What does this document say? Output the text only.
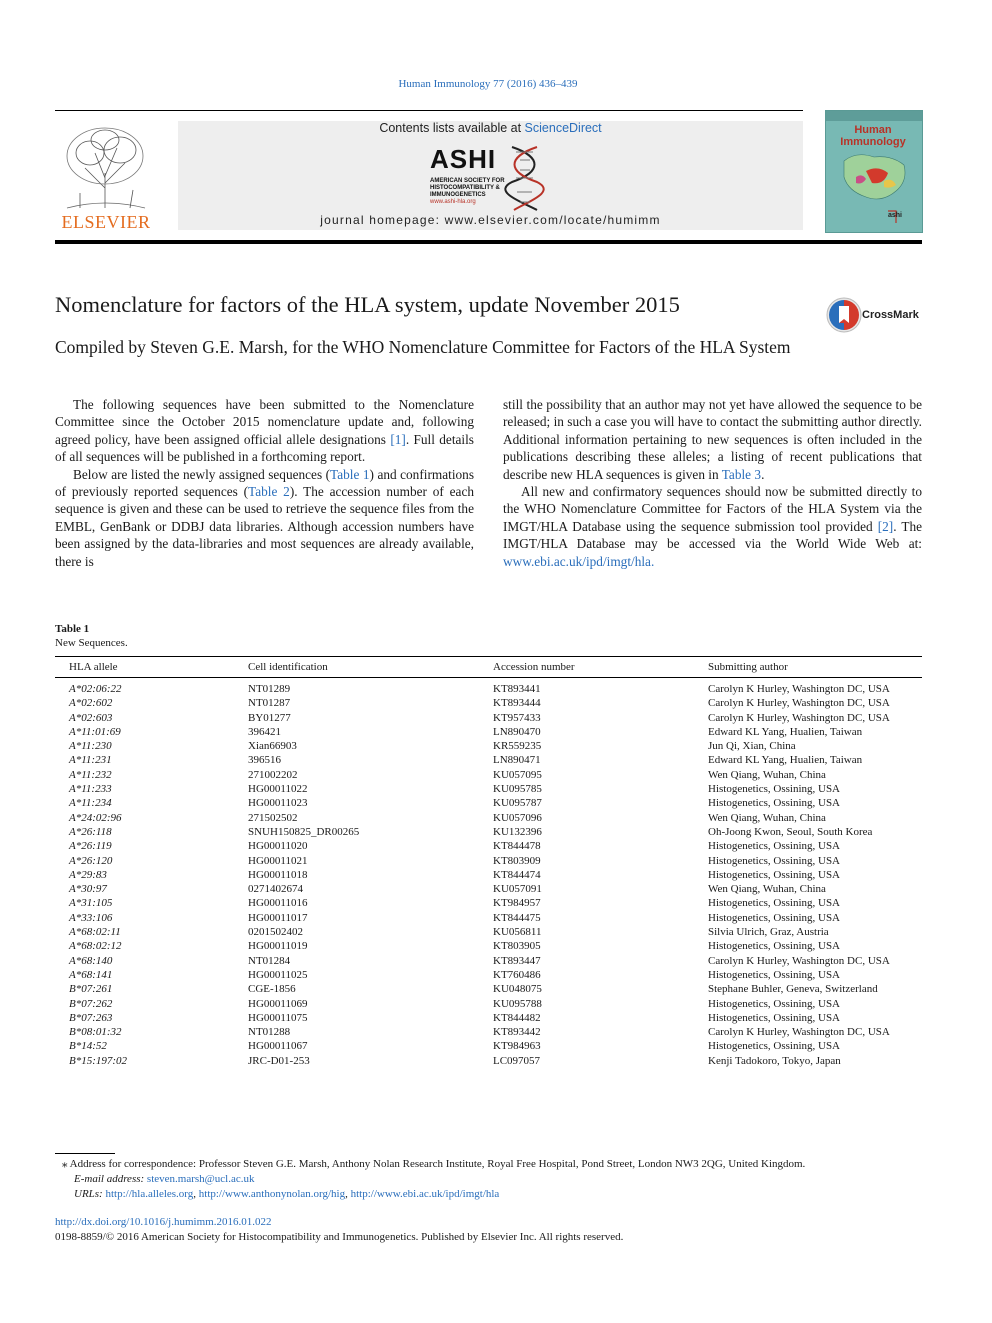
Human Immunology 77 (2016) 436–439
ELSEVIER
Contents lists available at ScienceDirect
ASHI
AMERICAN SOCIETY FOR
HISTOCOMPATIBILITY &
IMMUNOGENETICS
www.ashi-hla.org
journal homepage: www.elsevier.com/locate/humimm
Human
Immunology
ashi
Nomenclature for factors of the HLA system, update November 2015	CrossMark
Compiled by Steven G.E. Marsh, for the WHO Nomenclature Committee for Factors of the HLA System

The following sequences have been submitted to the Nomenclature Committee since the October 2015 nomenclature update and, following agreed policy, have been assigned official allele designations [1]. Full details of all sequences will be published in a forthcoming report.

Below are listed the newly assigned sequences (Table 1) and confirmations of previously reported sequences (Table 2). The accession number of each sequence is given and these can be used to retrieve the sequence files from the EMBL, GenBank or DDBJ data libraries. Although accession numbers have been assigned by the data-libraries and most sequences are already available, there is

still the possibility that an author may not yet have allowed the sequence to be released; in such a case you will have to contact the submitting author directly. Additional information pertaining to new sequences is often included in the publications describing these alleles; a listing of recent publications that describe new HLA sequences is given in Table 3.

All new and confirmatory sequences should now be submitted directly to the WHO Nomenclature Committee for Factors of the HLA System via the IMGT/HLA Database using the sequence submission tool provided [2]. The IMGT/HLA Database may be accessed via the World Wide Web at: www.ebi.ac.uk/ipd/imgt/hla.

Table 1
New Sequences.
HLA allele	Cell identification	Accession number	Submitting author
A*02:06:22	NT01289	KT893441	Carolyn K Hurley, Washington DC, USA
A*02:602	NT01287	KT893444	Carolyn K Hurley, Washington DC, USA
A*02:603	BY01277	KT957433	Carolyn K Hurley, Washington DC, USA
A*11:01:69	396421	LN890470	Edward KL Yang, Hualien, Taiwan
A*11:230	Xian66903	KR559235	Jun Qi, Xian, China
A*11:231	396516	LN890471	Edward KL Yang, Hualien, Taiwan
A*11:232	271002202	KU057095	Wen Qiang, Wuhan, China
A*11:233	HG00011022	KU095785	Histogenetics, Ossining, USA
A*11:234	HG00011023	KU095787	Histogenetics, Ossining, USA
A*24:02:96	271502502	KU057096	Wen Qiang, Wuhan, China
A*26:118	SNUH150825_DR00265	KU132396	Oh-Joong Kwon, Seoul, South Korea
A*26:119	HG00011020	KT844478	Histogenetics, Ossining, USA
A*26:120	HG00011021	KT803909	Histogenetics, Ossining, USA
A*29:83	HG00011018	KT844474	Histogenetics, Ossining, USA
A*30:97	0271402674	KU057091	Wen Qiang, Wuhan, China
A*31:105	HG00011016	KT984957	Histogenetics, Ossining, USA
A*33:106	HG00011017	KT844475	Histogenetics, Ossining, USA
A*68:02:11	0201502402	KU056811	Silvia Ulrich, Graz, Austria
A*68:02:12	HG00011019	KT803905	Histogenetics, Ossining, USA
A*68:140	NT01284	KT893447	Carolyn K Hurley, Washington DC, USA
A*68:141	HG00011025	KT760486	Histogenetics, Ossining, USA
B*07:261	CGE-1856	KU048075	Stephane Buhler, Geneva, Switzerland
B*07:262	HG00011069	KU095788	Histogenetics, Ossining, USA
B*07:263	HG00011075	KT844482	Histogenetics, Ossining, USA
B*08:01:32	NT01288	KT893442	Carolyn K Hurley, Washington DC, USA
B*14:52	HG00011067	KT984963	Histogenetics, Ossining, USA
B*15:197:02	JRC-D01-253	LC097057	Kenji Tadokoro, Tokyo, Japan
⁎ Address for correspondence: Professor Steven G.E. Marsh, Anthony Nolan Research Institute, Royal Free Hospital, Pond Street, London NW3 2QG, United Kingdom.
E-mail address: steven.marsh@ucl.ac.uk
URLs: http://hla.alleles.org, http://www.anthonynolan.org/hig, http://www.ebi.ac.uk/ipd/imgt/hla
http://dx.doi.org/10.1016/j.humimm.2016.01.022
0198-8859/© 2016 American Society for Histocompatibility and Immunogenetics. Published by Elsevier Inc. All rights reserved.
